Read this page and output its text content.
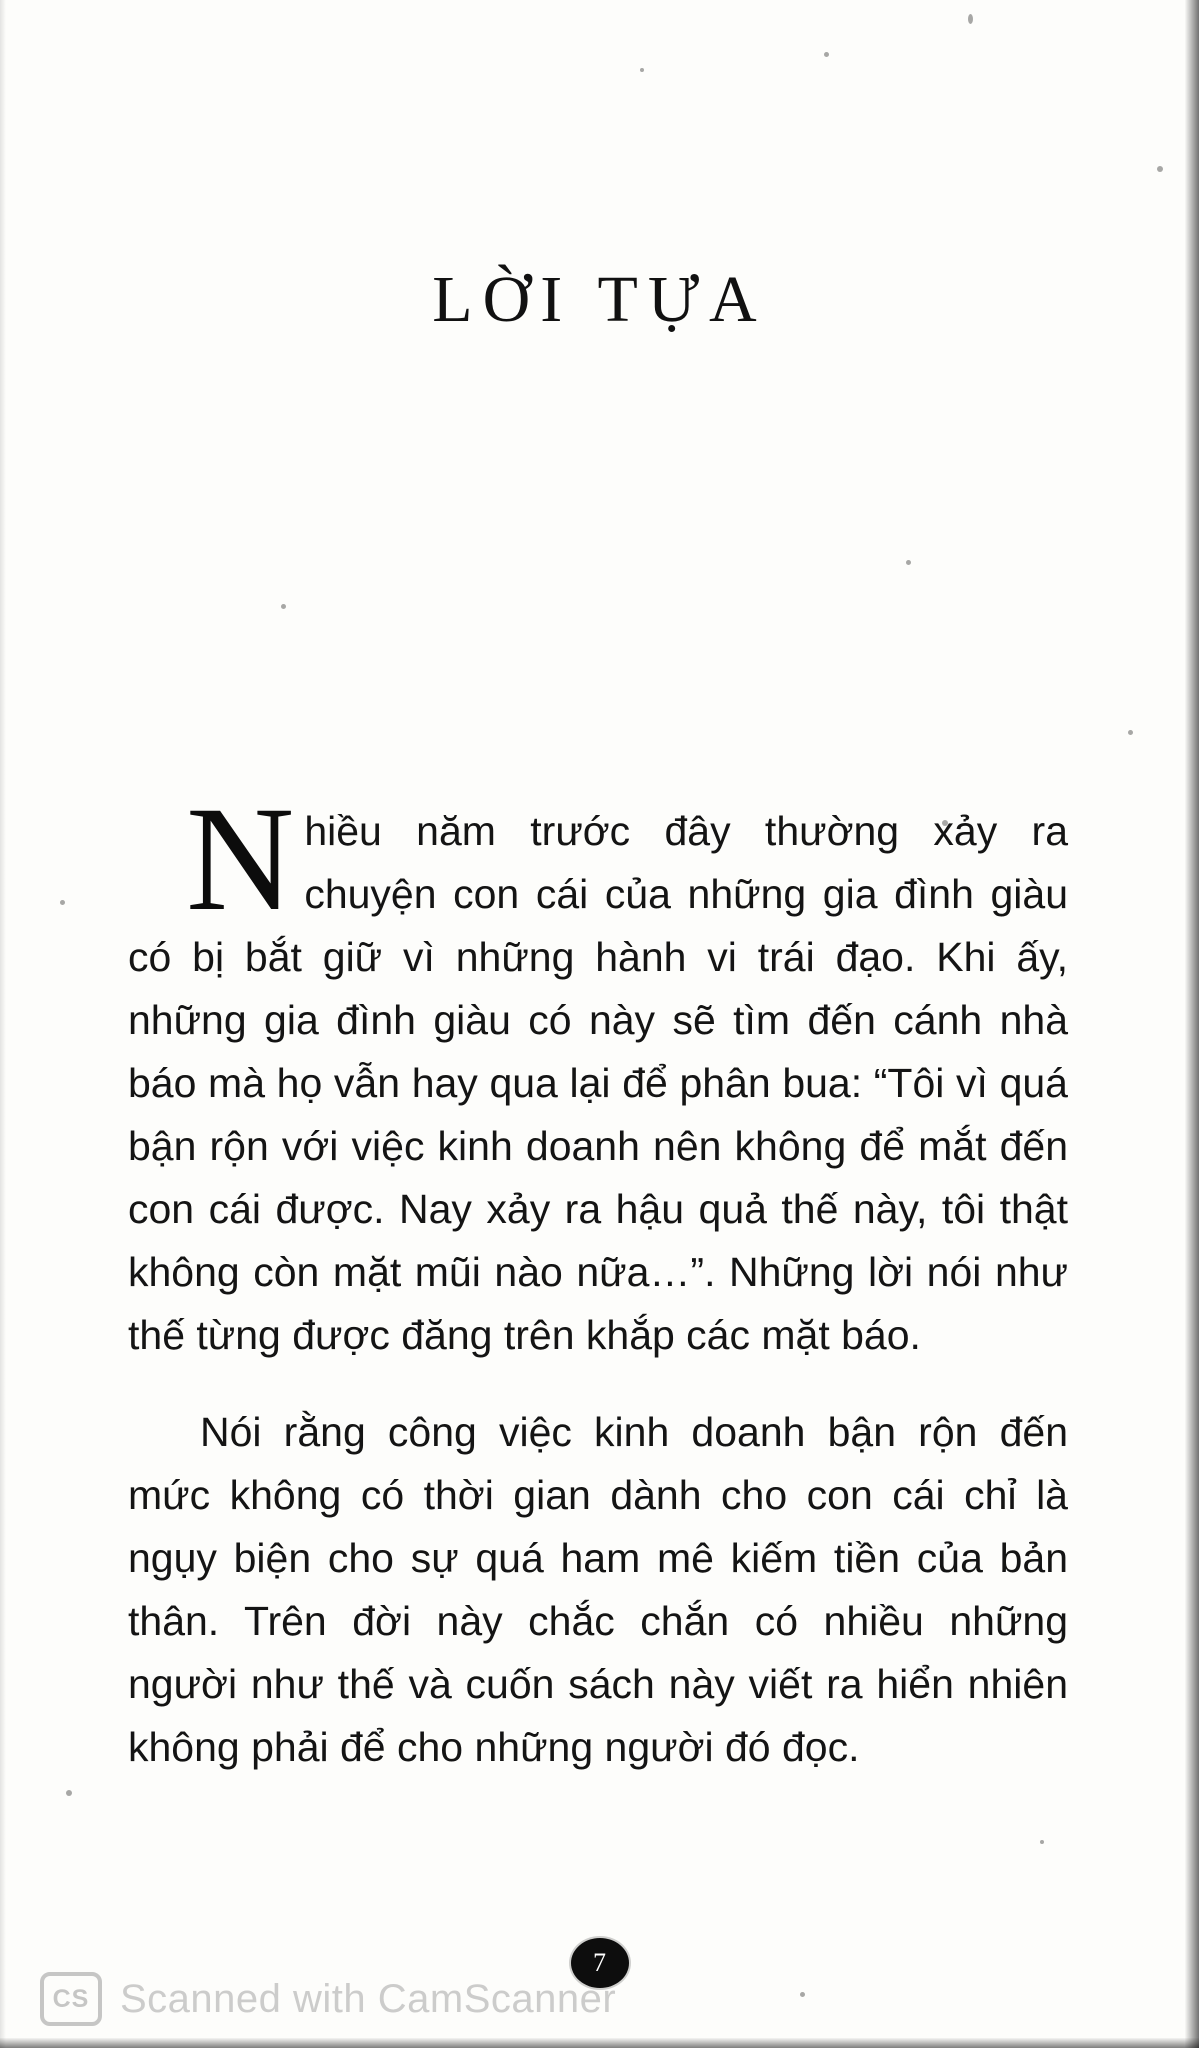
LỜI TỰA

N hiều năm trước đây thường xảy ra chuyện con cái của những gia đình giàu có bị bắt giữ vì những hành vi trái đạo. Khi ấy, những gia đình giàu có này sẽ tìm đến cánh nhà báo mà họ vẫn hay qua lại để phân bua: “Tôi vì quá bận rộn với việc kinh doanh nên không để mắt đến con cái được. Nay xảy ra hậu quả thế này, tôi thật không còn mặt mũi nào nữa…”. Những lời nói như thế từng được đăng trên khắp các mặt báo.

Nói rằng công việc kinh doanh bận rộn đến mức không có thời gian dành cho con cái chỉ là ngụy biện cho sự quá ham mê kiếm tiền của bản thân. Trên đời này chắc chắn có nhiều những người như thế và cuốn sách này viết ra hiển nhiên không phải để cho những người đó đọc.

7
CS Scanned with CamScanner
